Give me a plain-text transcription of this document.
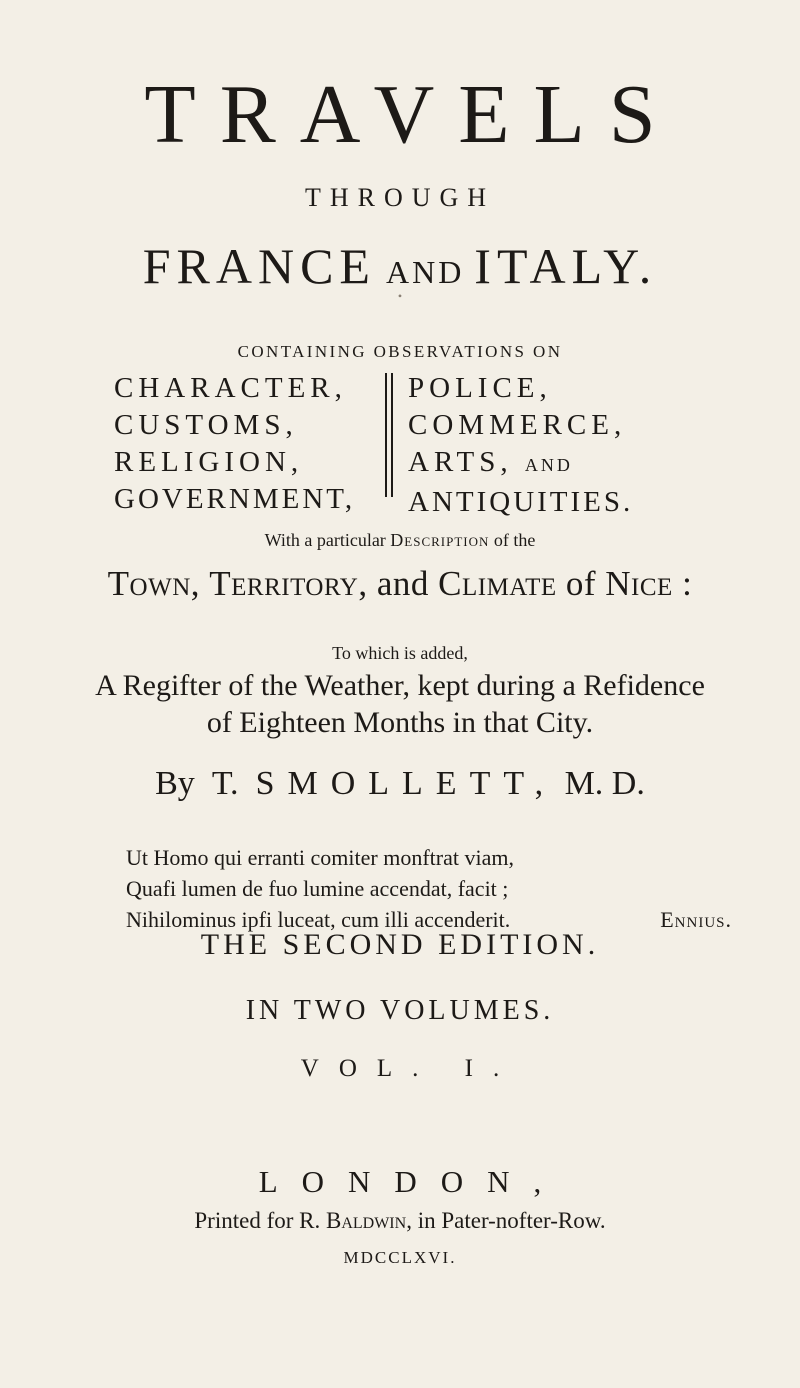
TRAVELS
THROUGH
FRANCE AND ITALY.
•
CONTAINING OBSERVATIONS ON
CHARACTER,
CUSTOMS,
RELIGION,
GOVERNMENT,
POLICE,
COMMERCE,
ARTS, AND
ANTIQUITIES.
With a particular Description of the
Town, Territory, and Climate of Nice :
To which is added,
A Regifter of the Weather, kept during a Refidence
of Eighteen Months in that City.
By T. SMOLLETT, M. D.
Ut Homo qui erranti comiter monftrat viam,
Quafi lumen de fuo lumine accendat, facit ;
Nihilominus ipfi luceat, cum illi accenderit.	Ennius.
THE SECOND EDITION.
IN TWO VOLUMES.
VOL. I.
LONDON,
Printed for R. Baldwin, in Pater-nofter-Row.
MDCCLXVI.
